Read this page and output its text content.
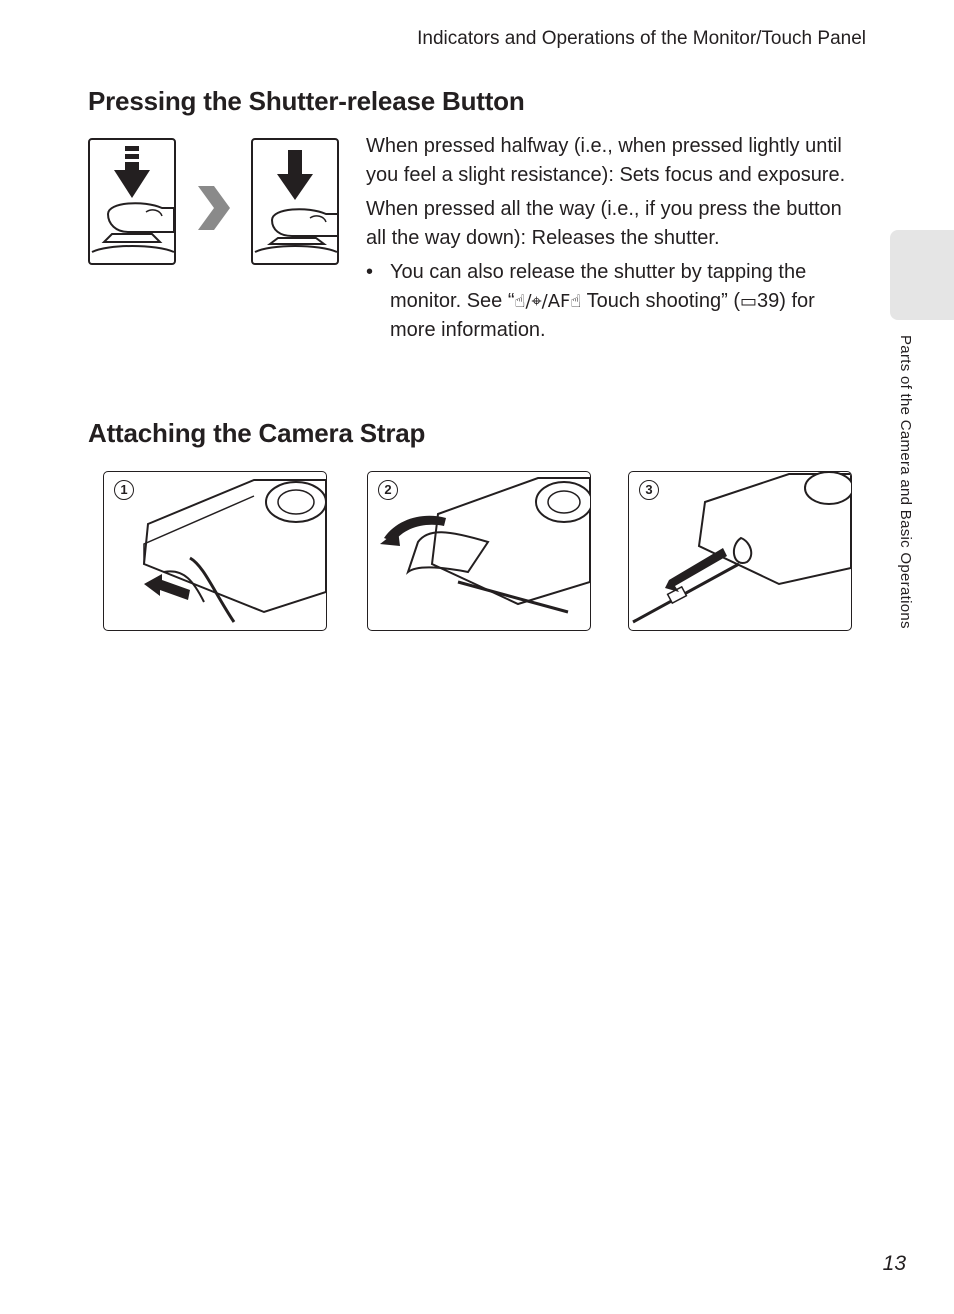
Indicators and Operations of the Monitor/Touch Panel
Pressing the Shutter-release Button

When pressed halfway (i.e., when pressed lightly until you feel a slight resistance): Sets focus and exposure.

When pressed all the way (i.e., if you press the button all the way down): Releases the shutter.

• You can also release the shutter by tapping the monitor. See “☝/⌖/AF☝ Touch shooting” (▭39) for more information.
Attaching the Camera Strap
1	2	3	Parts of the Camera and Basic Operations
13
